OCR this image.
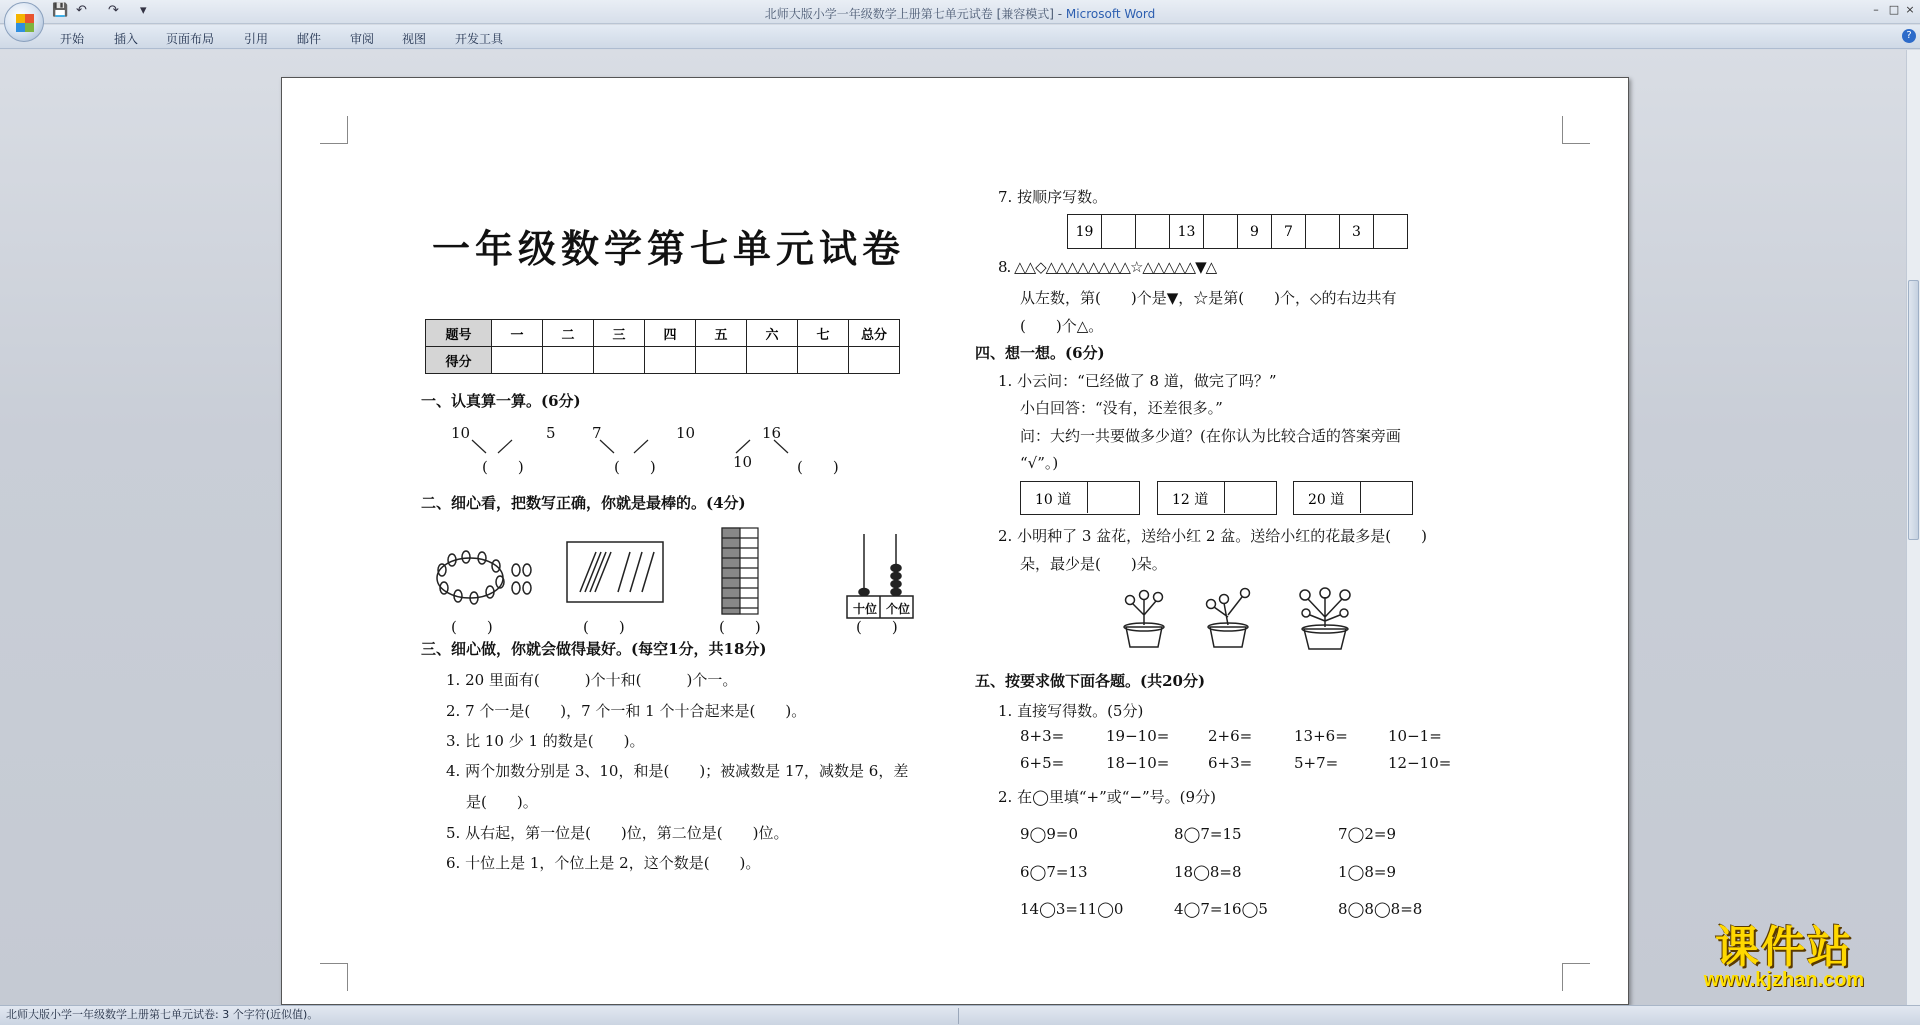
💾 ↶ ↷ ▾	北师大版小学一年级数学上册第七单元试卷 [兼容模式] - Microsoft Word	– □ ×
开始 插入 页面布局 引用 邮件 审阅 视图 开发工具	?
一年级数学第七单元试卷
题号	一	二	三	四	五	六	七	总分
得分								
一、认真算一算。(6分)
10	5
(　　)
7	10
(　　)
16
10	(　　)
二、细心看，把数写正确，你就是最棒的。(4分)
十位 个位
(　　)	(　　)	(　　)	(　　)
三、细心做，你就会做得最好。(每空1分，共18分)
1. 20 里面有(　　　)个十和(　　　)个一。
2. 7 个一是(　　)，7 个一和 1 个十合起来是(　　)。
3. 比 10 少 1 的数是(　　)。
4. 两个加数分别是 3、10，和是(　　)；被减数是 17，减数是 6，差
是(　　)。
5. 从右起，第一位是(　　)位，第二位是(　　)位。
6. 十位上是 1，个位上是 2，这个数是(　　)。
7. 按顺序写数。
19			13		9	7		3	
8. △△◇△△△△△△△△☆△△△△△▼△
从左数，第(　　)个是▼，☆是第(　　)个，◇的右边共有
(　　)个△。
四、想一想。(6分)
1. 小云问：“已经做了 8 道，做完了吗？”
小白回答：“没有，还差很多。”
问：大约一共要做多少道？(在你认为比较合适的答案旁画
“√”。)
10 道	12 道	20 道
2. 小明种了 3 盆花，送给小红 2 盆。送给小红的花最多是(　　)
朵，最少是(　　)朵。
五、按要求做下面各题。(共20分)
1. 直接写得数。(5分)
8+3=	19−10=	2+6=	13+6=	10−1=
6+5=	18−10=	6+3=	5+7=	12−10=
2. 在◯里填“+”或“−”号。(9分)
9◯9=0	8◯7=15	7◯2=9
6◯7=13	18◯8=8	1◯8=9
14◯3=11◯0	4◯7=16◯5	8◯8◯8=8
课件站
www.kjzhan.com
北师大版小学一年级数学上册第七单元试卷: 3 个字符(近似值)。
